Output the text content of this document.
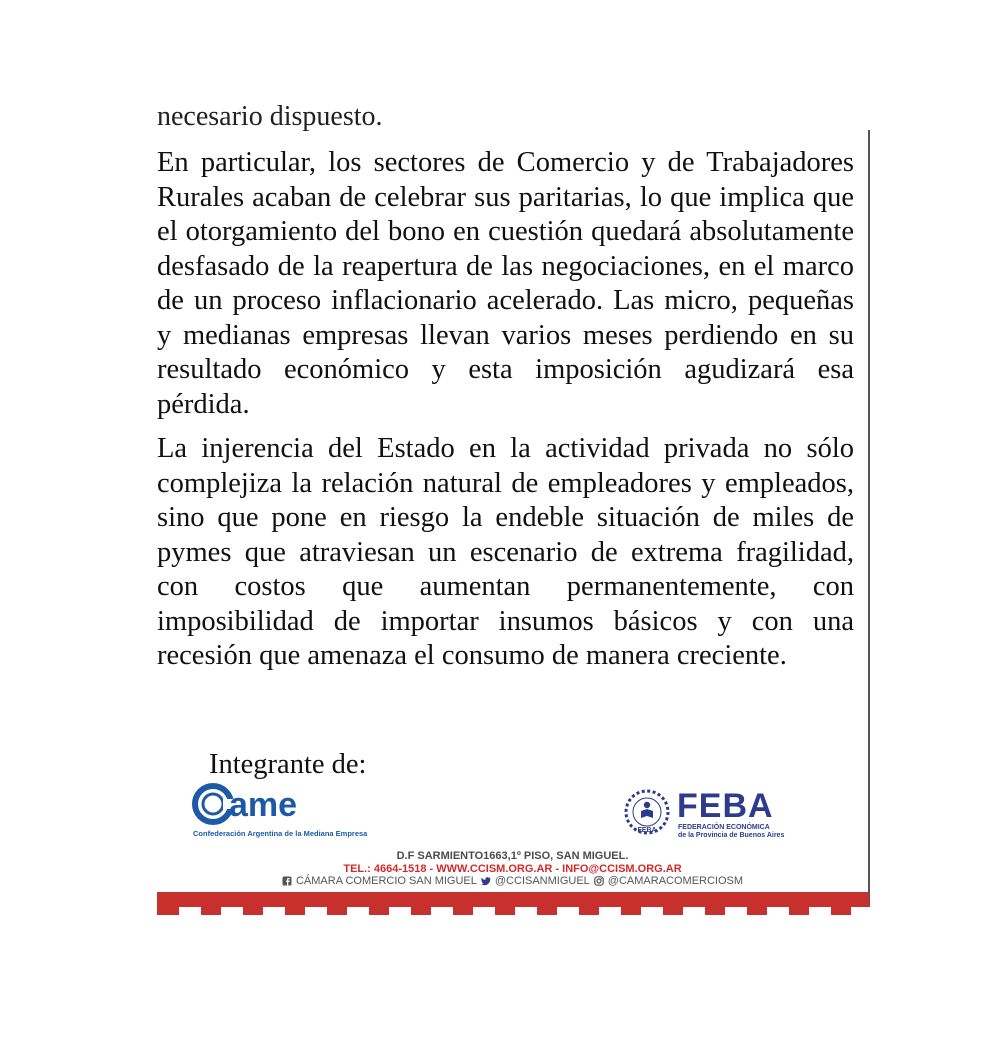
necesario dispuesto.

En particular, los sectores de Comercio y de Trabajadores Rurales acaban de celebrar sus paritarias, lo que implica que el otorgamiento del bono en cuestión quedará absolutamente desfasado de la reapertura de las negociaciones, en el marco de un proceso inflacionario acelerado. Las micro, pequeñas y medianas empresas llevan varios meses perdiendo en su resultado económico y esta imposición agudizará esa pérdida.

La injerencia del Estado en la actividad privada no sólo complejiza la relación natural de empleadores y empleados, sino que pone en riesgo la endeble situación de miles de pymes que atraviesan un escenario de extrema fragilidad, con costos que aumentan permanentemente, con imposibilidad de importar insumos básicos y con una recesión que amenaza el consumo de manera creciente.

Integrante de:
ame
Confederación Argentina de la Mediana Empresa	FEBA
FEBA
FEDERACIÓN ECONÓMICA
de la Provincia de Buenos Aires
D.F SARMIENTO1663,1º PISO, SAN MIGUEL.
TEL.: 4664-1518 - WWW.CCISM.ORG.AR - INFO@CCISM.ORG.AR
CÁMARA COMERCIO SAN MIGUEL @CCISANMIGUEL @CAMARACOMERCIOSM
